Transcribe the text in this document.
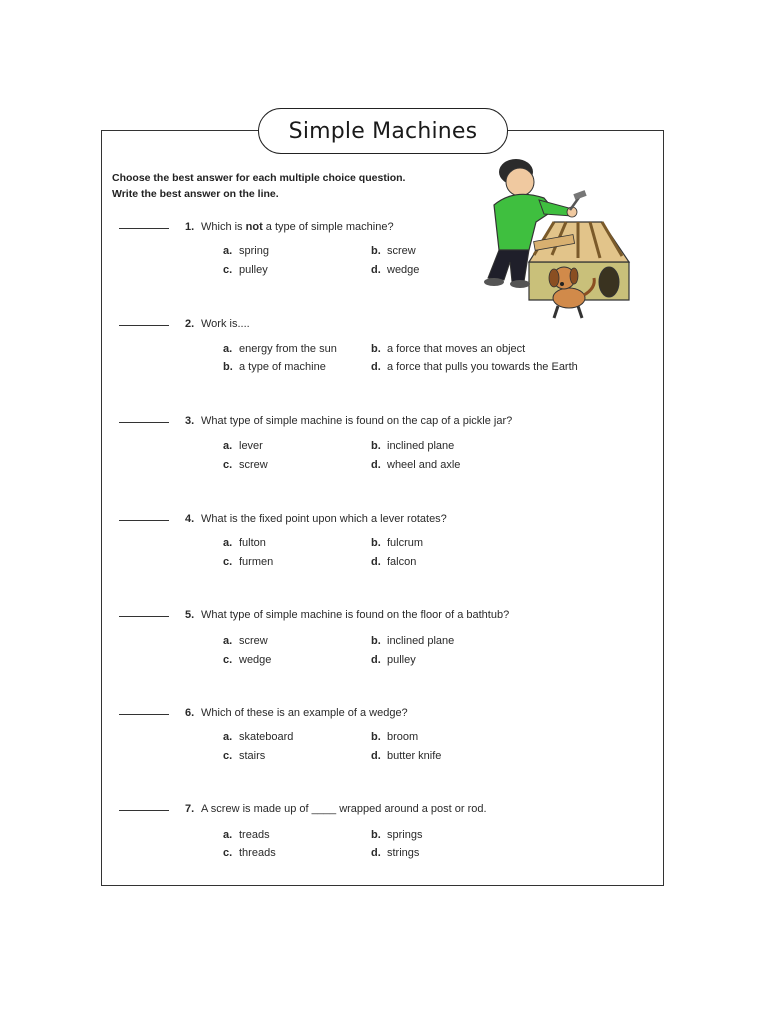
Simple Machines
Choose the best answer for each multiple choice question.
Write the best answer on the line.
1. Which is not a type of simple machine?
a. spring	b. screw
c. pulley	d. wedge
2. Work is....
a. energy from the sun	b. a force that moves an object
b. a type of machine	d. a force that pulls you towards the Earth
3. What type of simple machine is found on the cap of a pickle jar?
a. lever	b. inclined plane
c. screw	d. wheel and axle
4. What is the fixed point upon which a lever rotates?
a. fulton	b. fulcrum
c. furmen	d. falcon
5. What type of simple machine is found on the floor of a bathtub?
a. screw	b. inclined plane
c. wedge	d. pulley
6. Which of these is an example of a wedge?
a. skateboard	b. broom
c. stairs	d. butter knife
7. A screw is made up of ____ wrapped around a post or rod.
a. treads	b. springs
c. threads	d. strings
